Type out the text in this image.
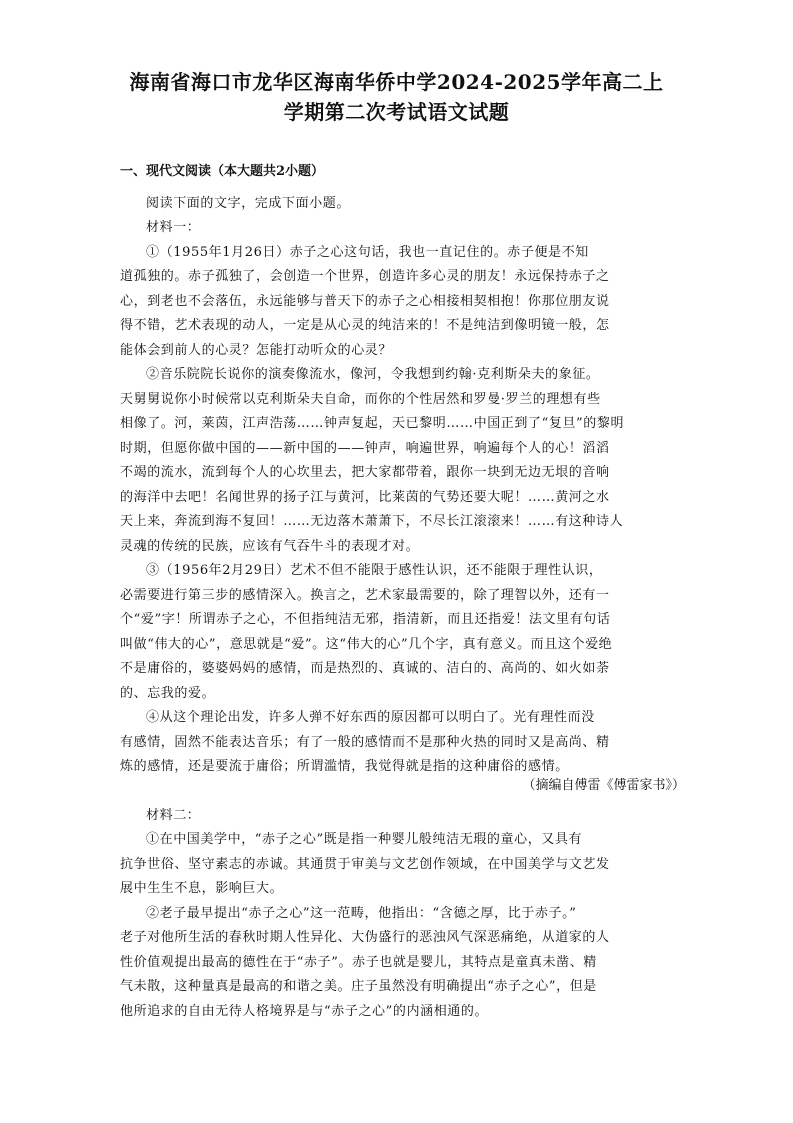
海南省海口市龙华区海南华侨中学2024-2025学年高二上
学期第二次考试语文试题
一、现代文阅读（本大题共2小题）
阅读下面的文字，完成下面小题。
材料一：
①（1955年1月26日）赤子之心这句话，我也一直记住的。赤子便是不知
道孤独的。赤子孤独了，会创造一个世界，创造许多心灵的朋友！永远保持赤子之
心，到老也不会落伍，永远能够与普天下的赤子之心相接相契相抱！你那位朋友说
得不错，艺术表现的动人，一定是从心灵的纯洁来的！不是纯洁到像明镜一般，怎
能体会到前人的心灵？怎能打动听众的心灵？
②音乐院院长说你的演奏像流水，像河，令我想到约翰·克利斯朵夫的象征。
天舅舅说你小时候常以克利斯朵夫自命，而你的个性居然和罗曼·罗兰的理想有些
相像了。河，莱茵，江声浩荡……钟声复起，天已黎明……中国正到了“复旦”的黎明
时期，但愿你做中国的——新中国的——钟声，响遍世界，响遍每个人的心！滔滔
不竭的流水，流到每个人的心坎里去，把大家都带着，跟你一块到无边无垠的音响
的海洋中去吧！名闻世界的扬子江与黄河，比莱茵的气势还要大呢！……黄河之水
天上来，奔流到海不复回！……无边落木萧萧下，不尽长江滚滚来！……有这种诗人
灵魂的传统的民族，应该有气吞牛斗的表现才对。
③（1956年2月29日）艺术不但不能限于感性认识，还不能限于理性认识，
必需要进行第三步的感情深入。换言之，艺术家最需要的，除了理智以外，还有一
个“爱”字！所谓赤子之心，不但指纯洁无邪，指清新，而且还指爱！法文里有句话
叫做“伟大的心”，意思就是“爱”。这“伟大的心”几个字，真有意义。而且这个爱绝
不是庸俗的，婆婆妈妈的感情，而是热烈的、真诚的、洁白的、高尚的、如火如荼
的、忘我的爱。
④从这个理论出发，许多人弹不好东西的原因都可以明白了。光有理性而没
有感情，固然不能表达音乐；有了一般的感情而不是那种火热的同时又是高尚、精
炼的感情，还是要流于庸俗；所谓滥情，我觉得就是指的这种庸俗的感情。
（摘编自傅雷《傅雷家书》）
材料二：
①在中国美学中，“赤子之心”既是指一种婴儿般纯洁无瑕的童心，又具有
抗争世俗、坚守素志的赤诚。其通贯于审美与文艺创作领域，在中国美学与文艺发
展中生生不息，影响巨大。
②老子最早提出“赤子之心”这一范畴，他指出：“含德之厚，比于赤子。”
老子对他所生活的春秋时期人性异化、大伪盛行的恶浊风气深恶痛绝，从道家的人
性价值观提出最高的德性在于“赤子”。赤子也就是婴儿，其特点是童真未凿、精
气未散，这种量真是最高的和谐之美。庄子虽然没有明确提出“赤子之心”，但是
他所追求的自由无待人格境界是与“赤子之心”的内涵相通的。
